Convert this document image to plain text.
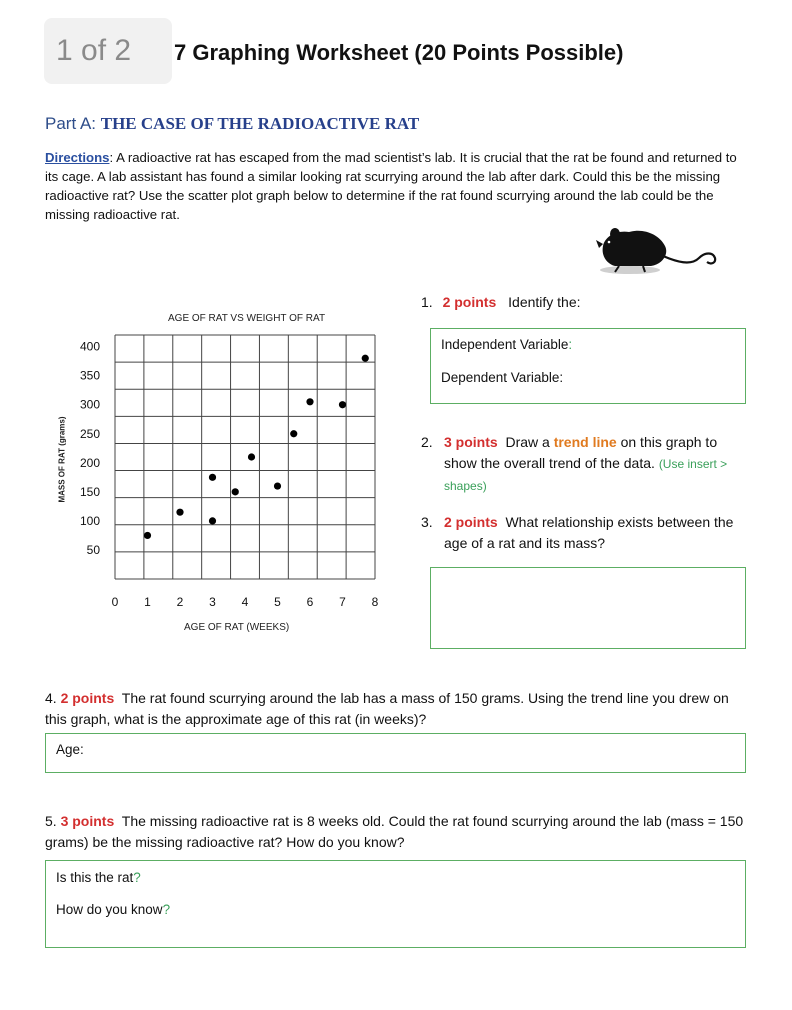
1 of 2	7 Graphing Worksheet (20 Points Possible)
Part A: THE CASE OF THE RADIOACTIVE RAT
Directions: A radioactive rat has escaped from the mad scientist’s lab. It is crucial that the rat be found and returned to its cage. A lab assistant has found a similar looking rat scurrying around the lab after dark. Could this be the missing radioactive rat? Use the scatter plot graph below to determine if the rat found scurrying around the lab could be the missing radioactive rat.
AGE OF RAT VS WEIGHT OF RAT
MASS OF RAT (grams)
50
100
150
200
250
300
350
400
0 1 2 3 4 5 6 7 8
AGE OF RAT (WEEKS)
1. 2 points Identify the:
Independent Variable:
Dependent Variable:
2. 3 points Draw a trend line on this graph to show the overall trend of the data. (Use insert > shapes)
3. 2 points What relationship exists between the age of a rat and its mass?
4. 2 points The rat found scurrying around the lab has a mass of 150 grams. Using the trend line you drew on this graph, what is the approximate age of this rat (in weeks)?
Age:
5. 3 points The missing radioactive rat is 8 weeks old. Could the rat found scurrying around the lab (mass = 150 grams) be the missing radioactive rat? How do you know?
Is this the rat?
How do you know?
